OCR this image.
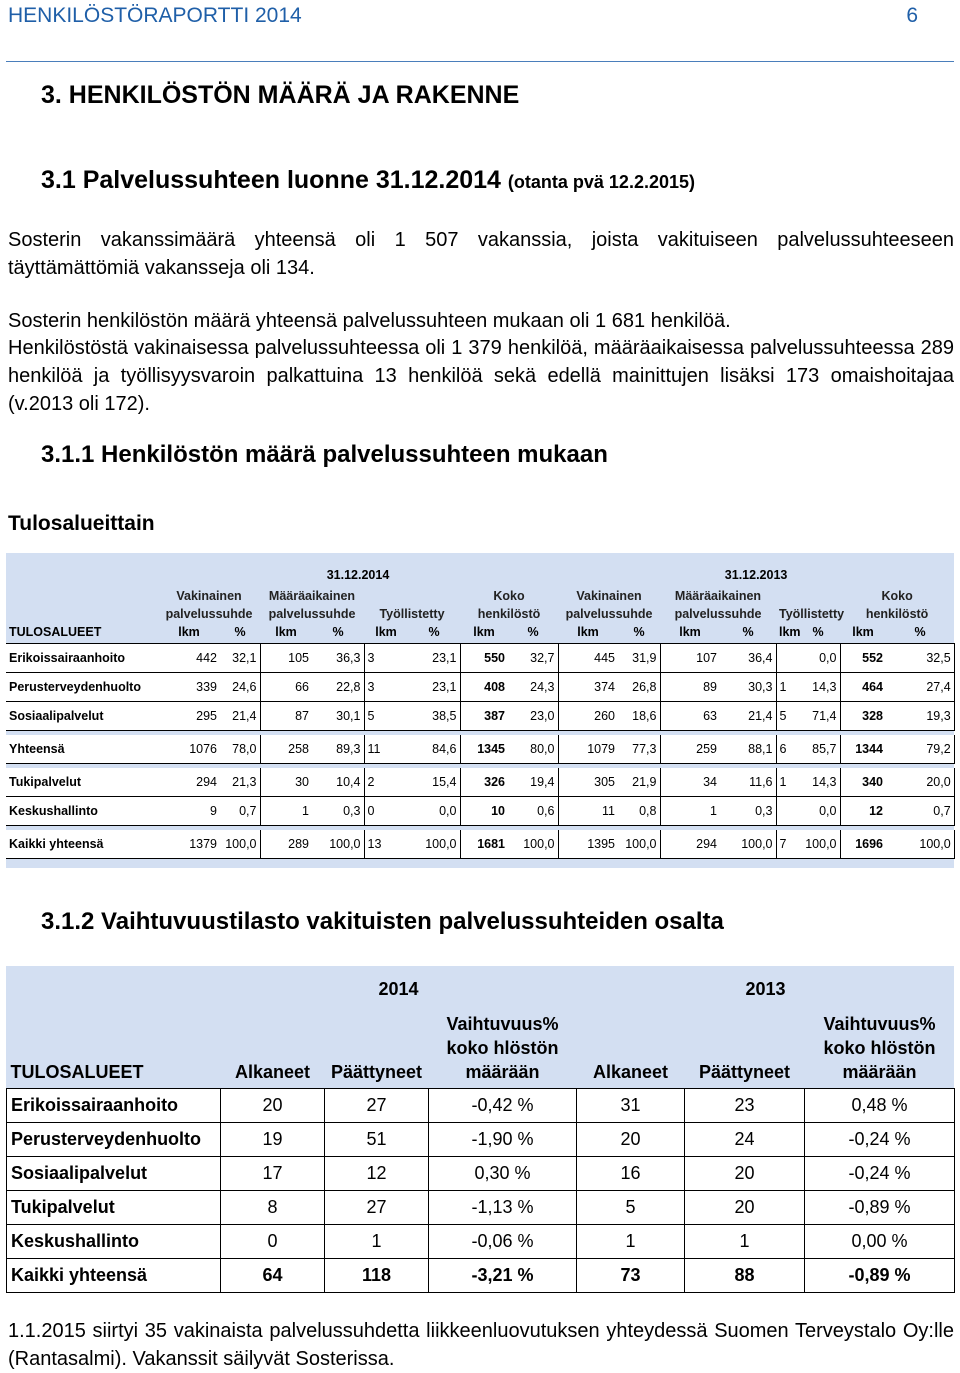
HENKILÖSTÖRAPORTTI 2014	6
3. HENKILÖSTÖN MÄÄRÄ JA RAKENNE
3.1 Palvelussuhteen luonne 31.12.2014 (otanta pvä 12.2.2015)
Sosterin vakanssimäärä yhteensä oli 1 507 vakanssia, joista vakituiseen palvelussuhteeseen täyttämättömiä vakansseja oli 134.
Sosterin henkilöstön määrä yhteensä palvelussuhteen mukaan oli 1 681 henkilöä.
Henkilöstöstä vakinaisessa palvelussuhteessa oli 1 379 henkilöä, määräaikaisessa palvelussuhteessa 289 henkilöä ja työllisyysvaroin palkattuina 13 henkilöä sekä edellä mainittujen lisäksi 173 omaishoitajaa (v.2013 oli 172).
3.1.1 Henkilöstön määrä palvelussuhteen mukaan
Tulosalueittain

	31.12.2014								31.12.2013							
	Vakinainen		Määräaikainen				Koko		Vakinainen		Määräaikainen				Koko	
	palvelussuhde		palvelussuhde		Työllistetty		henkilöstö		palvelussuhde		palvelussuhde		Työllistetty		henkilöstö	
TULOSALUEET	lkm	%	lkm	%	lkm	%	lkm	%	lkm	%	lkm	%	lkm	%	lkm	%
Erikoissairaanhoito	442	32,1	105	36,3	3	23,1	550	32,7	445	31,9	107	36,4		0,0	552	32,5
Perusterveydenhuolto	339	24,6	66	22,8	3	23,1	408	24,3	374	26,8	89	30,3	1	14,3	464	27,4
Sosiaalipalvelut	295	21,4	87	30,1	5	38,5	387	23,0	260	18,6	63	21,4	5	71,4	328	19,3

Yhteensä	1076	78,0	258	89,3	11	84,6	1345	80,0	1079	77,3	259	88,1	6	85,7	1344	79,2

Tukipalvelut	294	21,3	30	10,4	2	15,4	326	19,4	305	21,9	34	11,6	1	14,3	340	20,0
Keskushallinto	9	0,7	1	0,3	0	0,0	10	0,6	11	0,8	1	0,3		0,0	12	0,7

Kaikki yhteensä	1379	100,0	289	100,0	13	100,0	1681	100,0	1395	100,0	294	100,0	7	100,0	1696	100,0
3.1.2 Vaihtuvuustilasto vakituisten palvelussuhteiden osalta
	2014			2013		
TULOSALUEET	Alkaneet	Päättyneet	Vaihtuvuus%
koko hlöstön
määrään	Alkaneet	Päättyneet	Vaihtuvuus%
koko hlöstön
määrään
Erikoissairaanhoito	20	27	-0,42 %	31	23	0,48 %
Perusterveydenhuolto	19	51	-1,90 %	20	24	-0,24 %
Sosiaalipalvelut	17	12	0,30 %	16	20	-0,24 %
Tukipalvelut	8	27	-1,13 %	5	20	-0,89 %
Keskushallinto	0	1	-0,06 %	1	1	0,00 %
Kaikki yhteensä	64	118	-3,21 %	73	88	-0,89 %
1.1.2015 siirtyi 35 vakinaista palvelussuhdetta liikkeenluovutuksen yhteydessä Suomen Terveystalo Oy:lle (Rantasalmi). Vakanssit säilyvät Sosterissa.
